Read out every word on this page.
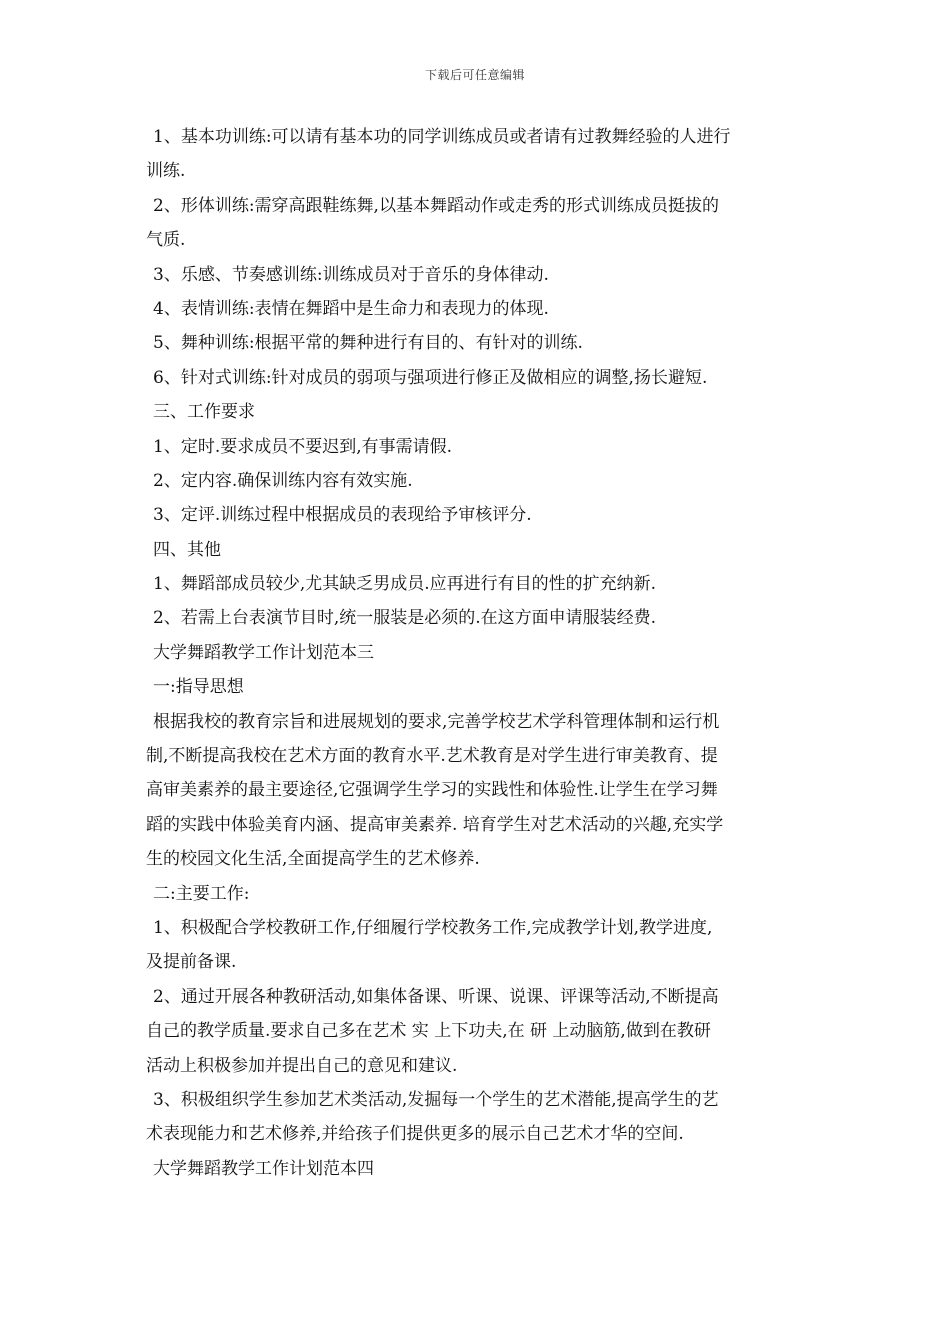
下载后可任意编辑
1、基本功训练:可以请有基本功的同学训练成员或者请有过教舞经验的人进行
训练.
2、形体训练:需穿高跟鞋练舞,以基本舞蹈动作或走秀的形式训练成员挺拔的
气质.
3、乐感、节奏感训练:训练成员对于音乐的身体律动.
4、表情训练:表情在舞蹈中是生命力和表现力的体现.
5、舞种训练:根据平常的舞种进行有目的、有针对的训练.
6、针对式训练:针对成员的弱项与强项进行修正及做相应的调整,扬长避短.
三、工作要求
1、定时.要求成员不要迟到,有事需请假.
2、定内容.确保训练内容有效实施.
3、定评.训练过程中根据成员的表现给予审核评分.
四、其他
1、舞蹈部成员较少,尤其缺乏男成员.应再进行有目的性的扩充纳新.
2、若需上台表演节目时,统一服装是必须的.在这方面申请服装经费.
大学舞蹈教学工作计划范本三
一:指导思想
根据我校的教育宗旨和进展规划的要求,完善学校艺术学科管理体制和运行机
制,不断提高我校在艺术方面的教育水平.艺术教育是对学生进行审美教育、提
高审美素养的最主要途径,它强调学生学习的实践性和体验性.让学生在学习舞
蹈的实践中体验美育内涵、提高审美素养. 培育学生对艺术活动的兴趣,充实学
生的校园文化生活,全面提高学生的艺术修养.
二:主要工作:
1、积极配合学校教研工作,仔细履行学校教务工作,完成教学计划,教学进度,
及提前备课.
2、通过开展各种教研活动,如集体备课、听课、说课、评课等活动,不断提高
自己的教学质量.要求自己多在艺术 实 上下功夫,在 研 上动脑筋,做到在教研
活动上积极参加并提出自己的意见和建议.
3、积极组织学生参加艺术类活动,发掘每一个学生的艺术潜能,提高学生的艺
术表现能力和艺术修养,并给孩子们提供更多的展示自己艺术才华的空间.
大学舞蹈教学工作计划范本四
